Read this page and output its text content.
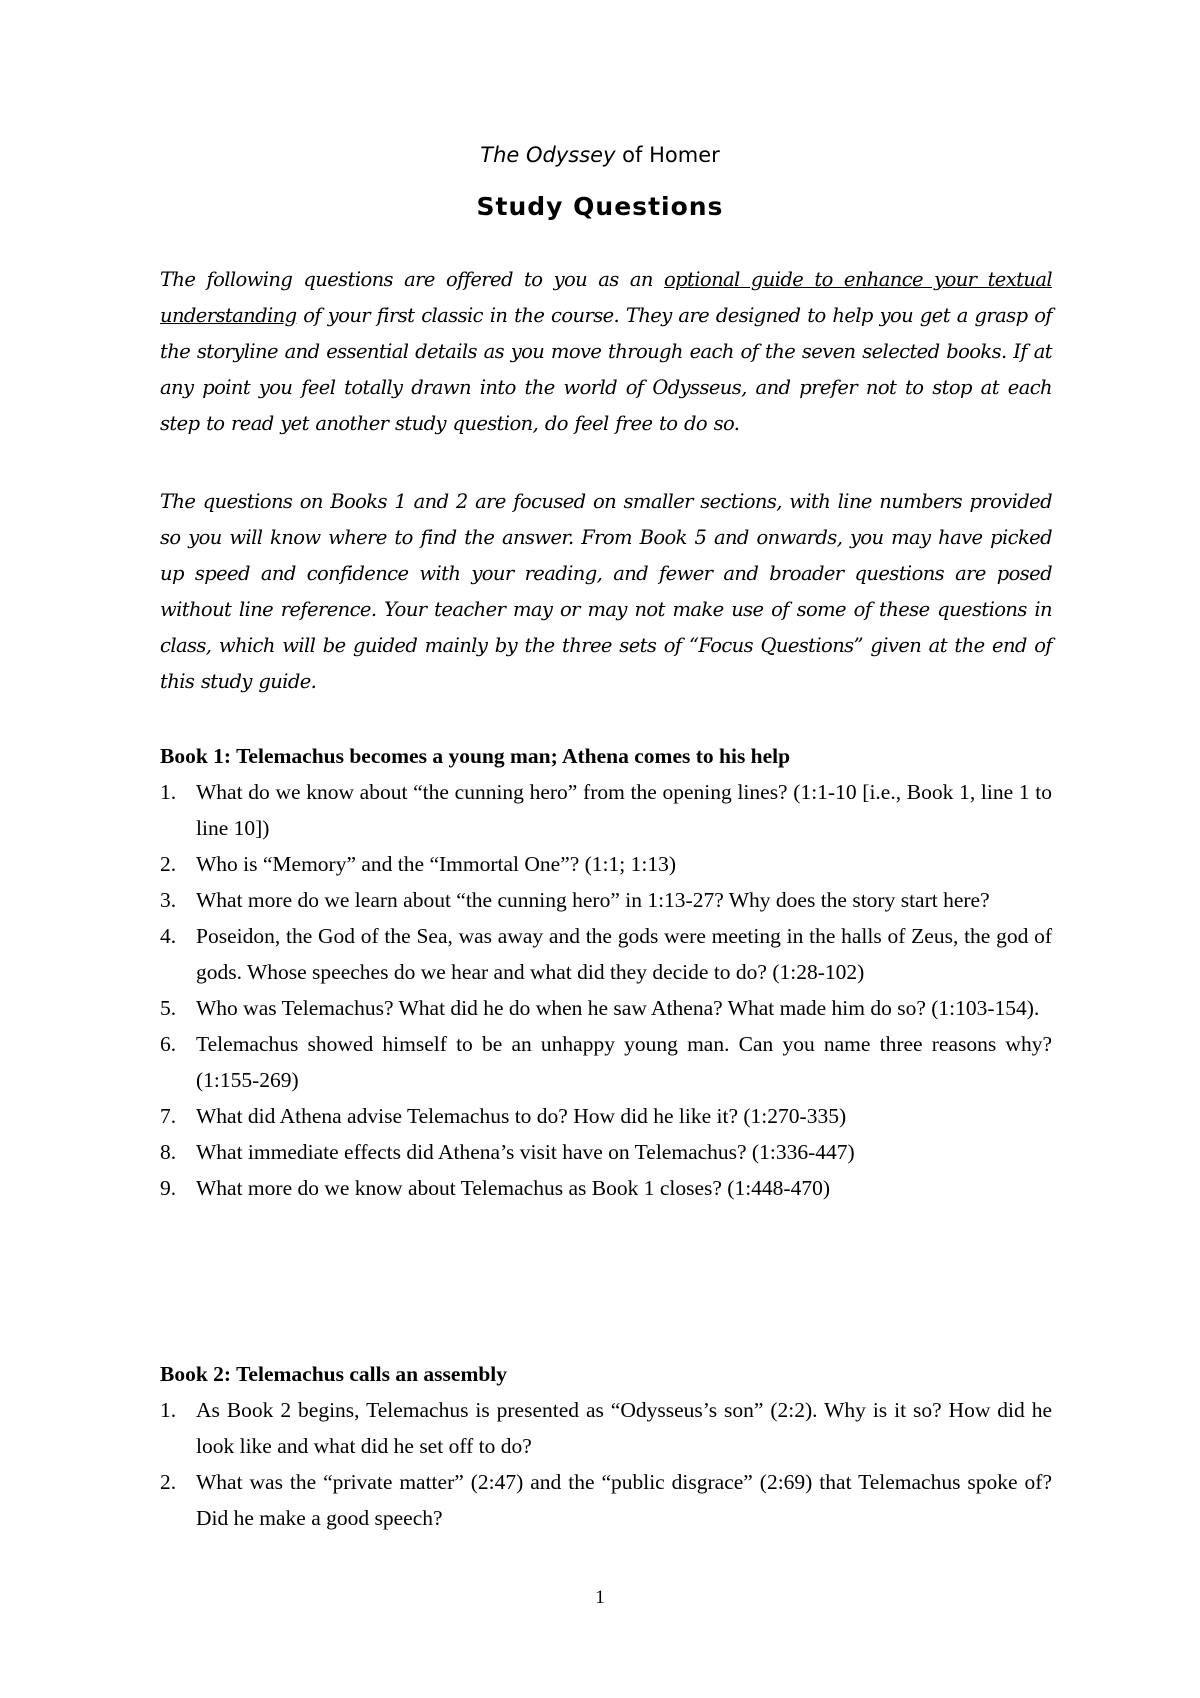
The Odyssey of Homer
Study Questions
The following questions are offered to you as an optional guide to enhance your textual understanding of your first classic in the course. They are designed to help you get a grasp of the storyline and essential details as you move through each of the seven selected books. If at any point you feel totally drawn into the world of Odysseus, and prefer not to stop at each step to read yet another study question, do feel free to do so.
The questions on Books 1 and 2 are focused on smaller sections, with line numbers provided so you will know where to find the answer. From Book 5 and onwards, you may have picked up speed and confidence with your reading, and fewer and broader questions are posed without line reference. Your teacher may or may not make use of some of these questions in class, which will be guided mainly by the three sets of “Focus Questions” given at the end of this study guide.
Book 1: Telemachus becomes a young man; Athena comes to his help
1. What do we know about “the cunning hero” from the opening lines? (1:1-10 [i.e., Book 1, line 1 to line 10])
2. Who is “Memory” and the “Immortal One”? (1:1; 1:13)
3. What more do we learn about “the cunning hero” in 1:13-27? Why does the story start here?
4. Poseidon, the God of the Sea, was away and the gods were meeting in the halls of Zeus, the god of gods. Whose speeches do we hear and what did they decide to do? (1:28-102)
5. Who was Telemachus? What did he do when he saw Athena? What made him do so? (1:103-154).
6. Telemachus showed himself to be an unhappy young man. Can you name three reasons why? (1:155-269)
7. What did Athena advise Telemachus to do? How did he like it? (1:270-335)
8. What immediate effects did Athena’s visit have on Telemachus? (1:336-447)
9. What more do we know about Telemachus as Book 1 closes? (1:448-470)
Book 2: Telemachus calls an assembly
1. As Book 2 begins, Telemachus is presented as “Odysseus’s son” (2:2). Why is it so? How did he look like and what did he set off to do?
2. What was the “private matter” (2:47) and the “public disgrace” (2:69) that Telemachus spoke of? Did he make a good speech?
1
